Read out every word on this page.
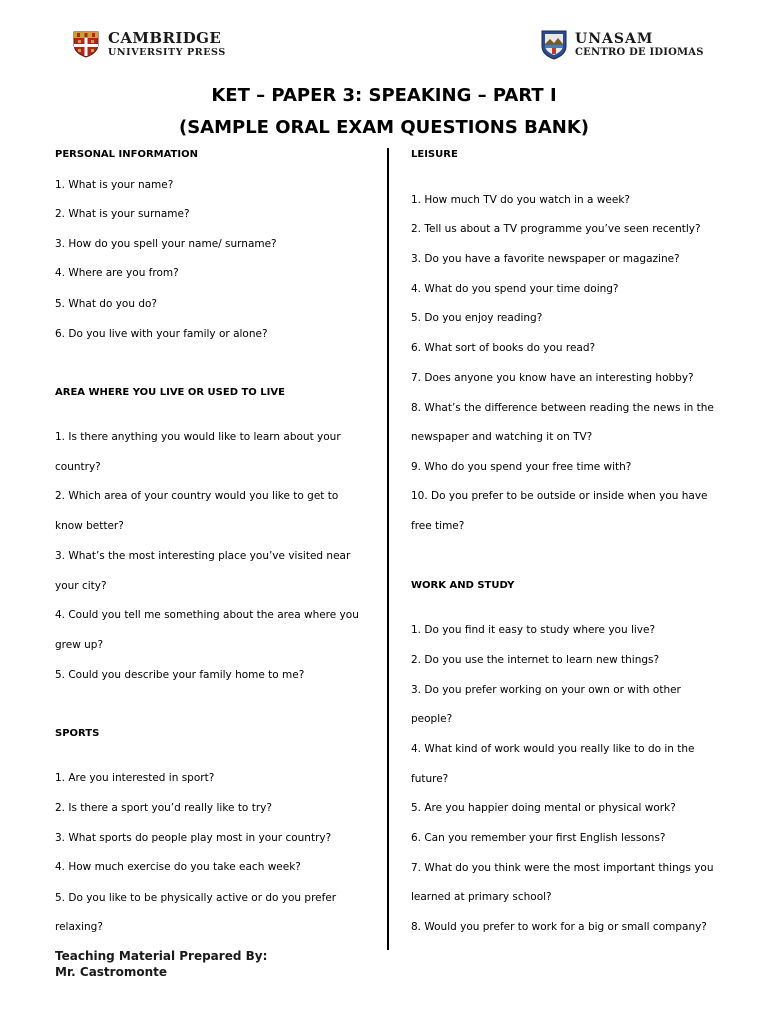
CAMBRIDGE
UNIVERSITY PRESS
UNASAM
CENTRO DE IDIOMAS
KET – PAPER 3: SPEAKING – PART I
(SAMPLE ORAL EXAM QUESTIONS BANK)
PERSONAL INFORMATION
1. What is your name?
2. What is your surname?
3. How do you spell your name/ surname?
4. Where are you from?
5. What do you do?
6. Do you live with your family or alone?
AREA WHERE YOU LIVE OR USED TO LIVE
1. Is there anything you would like to learn about your
country?
2. Which area of your country would you like to get to
know better?
3. What’s the most interesting place you’ve visited near
your city?
4. Could you tell me something about the area where you
grew up?
5. Could you describe your family home to me?
SPORTS
1. Are you interested in sport?
2. Is there a sport you’d really like to try?
3. What sports do people play most in your country?
4. How much exercise do you take each week?
5. Do you like to be physically active or do you prefer
relaxing?
LEISURE
1. How much TV do you watch in a week?
2. Tell us about a TV programme you’ve seen recently?
3. Do you have a favorite newspaper or magazine?
4. What do you spend your time doing?
5. Do you enjoy reading?
6. What sort of books do you read?
7. Does anyone you know have an interesting hobby?
8. What’s the difference between reading the news in the
newspaper and watching it on TV?
9. Who do you spend your free time with?
10. Do you prefer to be outside or inside when you have
free time?
WORK AND STUDY
1. Do you find it easy to study where you live?
2. Do you use the internet to learn new things?
3. Do you prefer working on your own or with other
people?
4. What kind of work would you really like to do in the
future?
5. Are you happier doing mental or physical work?
6. Can you remember your first English lessons?
7. What do you think were the most important things you
learned at primary school?
8. Would you prefer to work for a big or small company?
Teaching Material Prepared By:
Mr. Castromonte
